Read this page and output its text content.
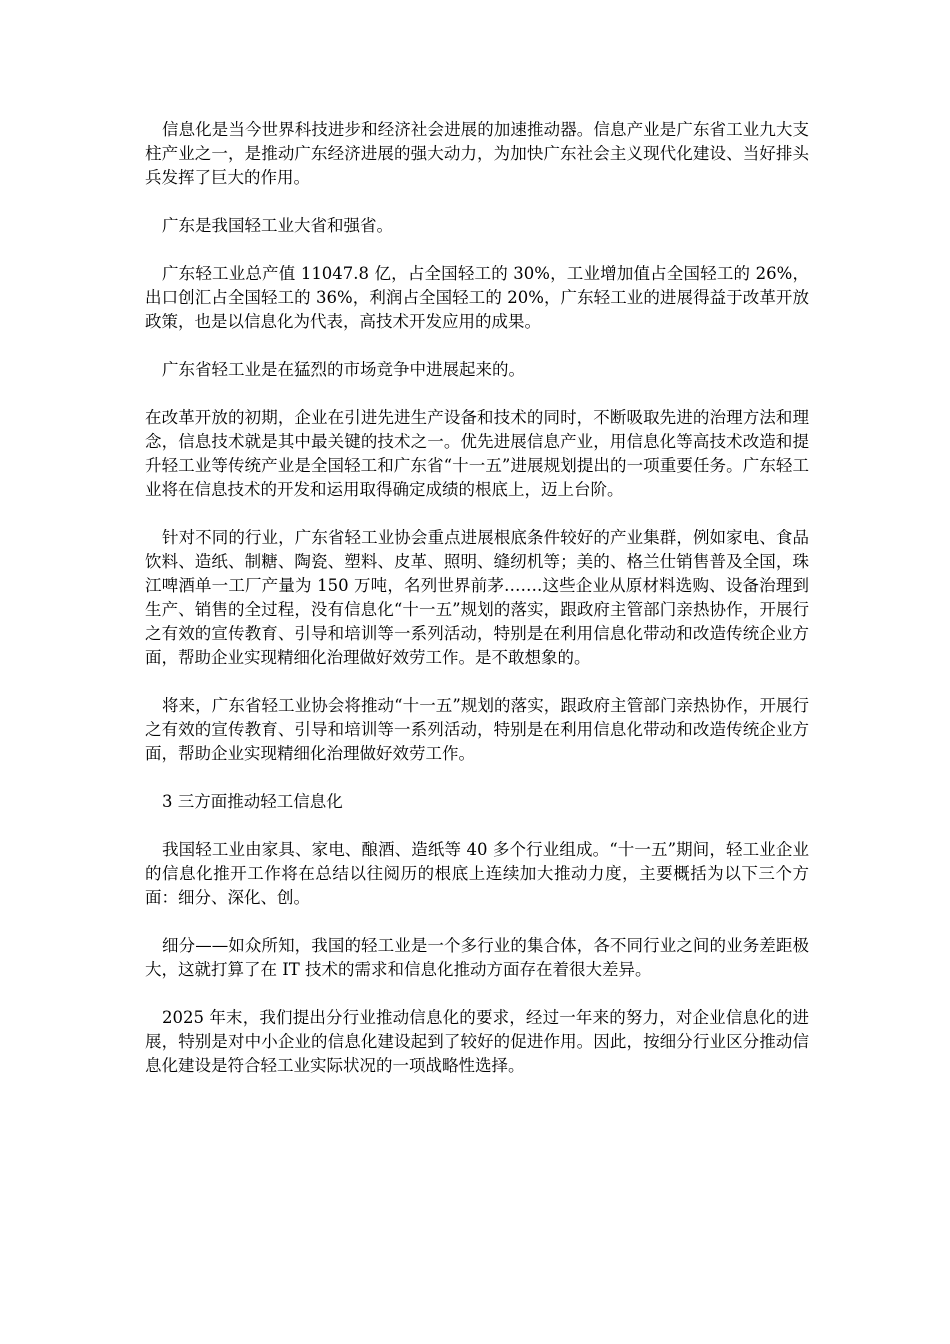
信息化是当今世界科技进步和经济社会进展的加速推动器。信息产业是广东省工业九大支柱产业之一，是推动广东经济进展的强大动力，为加快广东社会主义现代化建设、当好排头兵发挥了巨大的作用。

广东是我国轻工业大省和强省。

广东轻工业总产值 11047.8 亿，占全国轻工的 30%，工业增加值占全国轻工的 26%，出口创汇占全国轻工的 36%，利润占全国轻工的 20%，广东轻工业的进展得益于改革开放政策，也是以信息化为代表，高技术开发应用的成果。

广东省轻工业是在猛烈的市场竞争中进展起来的。

在改革开放的初期，企业在引进先进生产设备和技术的同时，不断吸取先进的治理方法和理念，信息技术就是其中最关键的技术之一。优先进展信息产业，用信息化等高技术改造和提升轻工业等传统产业是全国轻工和广东省“十一五”进展规划提出的一项重要任务。广东轻工业将在信息技术的开发和运用取得确定成绩的根底上，迈上台阶。

针对不同的行业，广东省轻工业协会重点进展根底条件较好的产业集群，例如家电、食品饮料、造纸、制糖、陶瓷、塑料、皮革、照明、缝纫机等；美的、格兰仕销售普及全国，珠江啤酒单一工厂产量为 150 万吨，名列世界前茅…….这些企业从原材料选购、设备治理到生产、销售的全过程，没有信息化“十一五”规划的落实，跟政府主管部门亲热协作，开展行之有效的宣传教育、引导和培训等一系列活动，特别是在利用信息化带动和改造传统企业方面，帮助企业实现精细化治理做好效劳工作。是不敢想象的。

将来，广东省轻工业协会将推动“十一五”规划的落实，跟政府主管部门亲热协作，开展行之有效的宣传教育、引导和培训等一系列活动，特别是在利用信息化带动和改造传统企业方面，帮助企业实现精细化治理做好效劳工作。

3 三方面推动轻工信息化

我国轻工业由家具、家电、酿酒、造纸等 40 多个行业组成。“十一五”期间，轻工业企业的信息化推开工作将在总结以往阅历的根底上连续加大推动力度，主要概括为以下三个方面：细分、深化、创。

细分——如众所知，我国的轻工业是一个多行业的集合体，各不同行业之间的业务差距极大，这就打算了在 IT 技术的需求和信息化推动方面存在着很大差异。

2025 年末，我们提出分行业推动信息化的要求，经过一年来的努力，对企业信息化的进展，特别是对中小企业的信息化建设起到了较好的促进作用。因此，按细分行业区分推动信息化建设是符合轻工业实际状况的一项战略性选择。
